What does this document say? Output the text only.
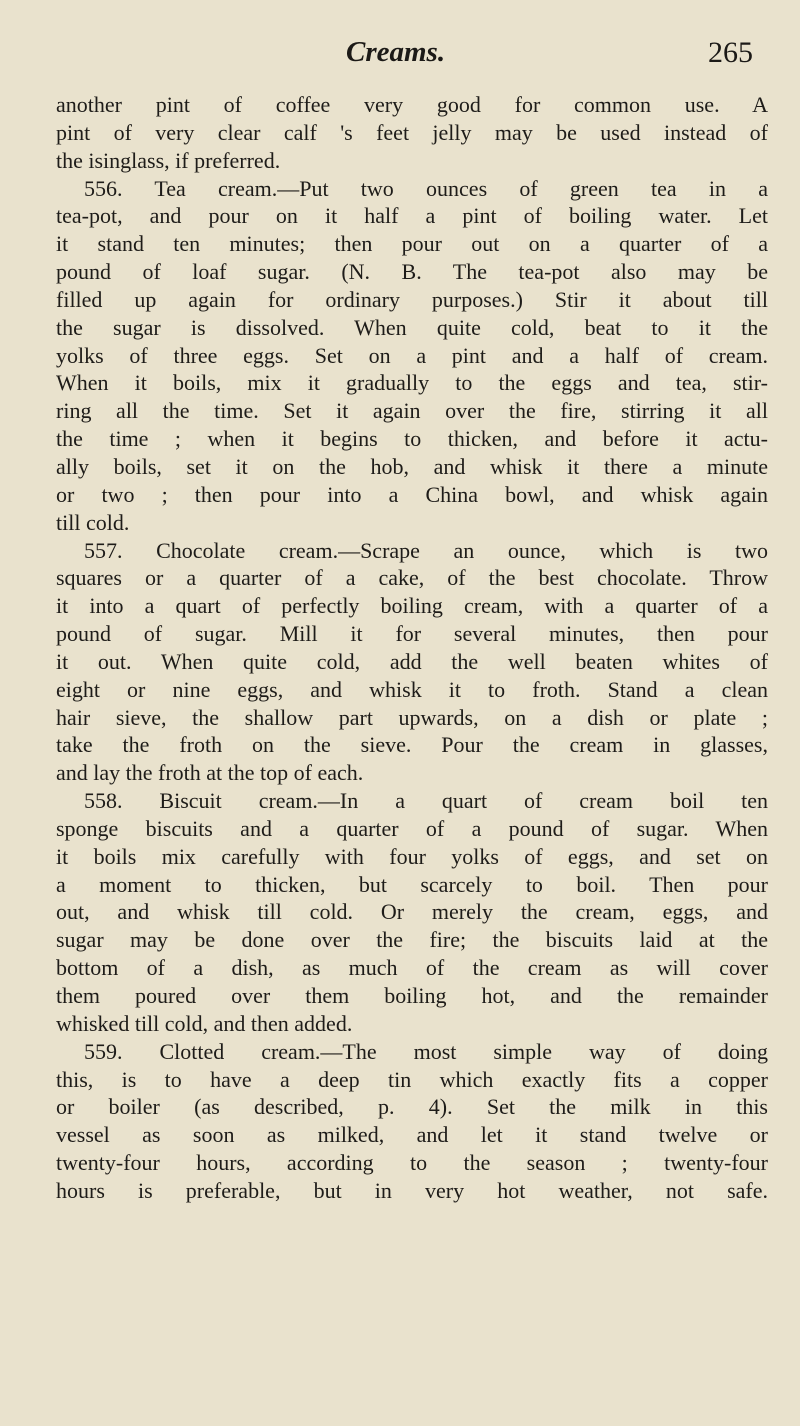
Creams.	265
another pint of coffee very good for common use. A
pint of very clear calf 's feet jelly may be used instead of
the isinglass, if preferred.
556. Tea cream.—Put two ounces of green tea in a
tea-pot, and pour on it half a pint of boiling water. Let
it stand ten minutes; then pour out on a quarter of a
pound of loaf sugar. (N. B. The tea-pot also may be
filled up again for ordinary purposes.) Stir it about till
the sugar is dissolved. When quite cold, beat to it the
yolks of three eggs. Set on a pint and a half of cream.
When it boils, mix it gradually to the eggs and tea, stir-
ring all the time. Set it again over the fire, stirring it all
the time ; when it begins to thicken, and before it actu-
ally boils, set it on the hob, and whisk it there a minute
or two ; then pour into a China bowl, and whisk again
till cold.
557. Chocolate cream.—Scrape an ounce, which is two
squares or a quarter of a cake, of the best chocolate. Throw
it into a quart of perfectly boiling cream, with a quarter of a
pound of sugar. Mill it for several minutes, then pour
it out. When quite cold, add the well beaten whites of
eight or nine eggs, and whisk it to froth. Stand a clean
hair sieve, the shallow part upwards, on a dish or plate ;
take the froth on the sieve. Pour the cream in glasses,
and lay the froth at the top of each.
558. Biscuit cream.—In a quart of cream boil ten
sponge biscuits and a quarter of a pound of sugar. When
it boils mix carefully with four yolks of eggs, and set on
a moment to thicken, but scarcely to boil. Then pour
out, and whisk till cold. Or merely the cream, eggs, and
sugar may be done over the fire; the biscuits laid at the
bottom of a dish, as much of the cream as will cover
them poured over them boiling hot, and the remainder
whisked till cold, and then added.
559. Clotted cream.—The most simple way of doing
this, is to have a deep tin which exactly fits a copper
or boiler (as described, p. 4). Set the milk in this
vessel as soon as milked, and let it stand twelve or
twenty-four hours, according to the season ; twenty-four
hours is preferable, but in very hot weather, not safe.
